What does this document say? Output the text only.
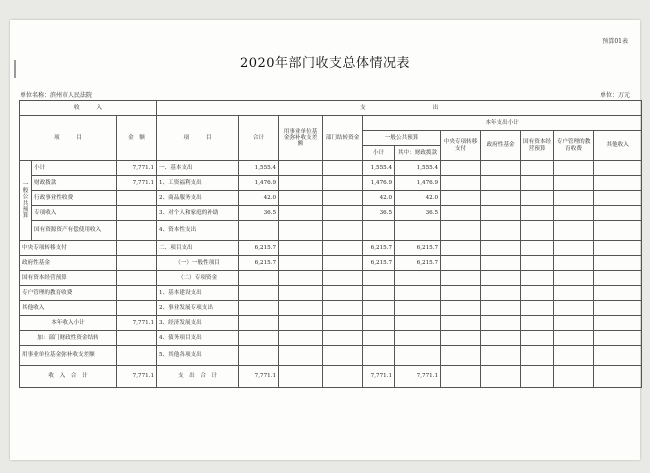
预算01表
2020年部门收支总体情况表
单位名称：滨州市人民法院	单位：万元
收　　　入			支　　　　　　　　　　　　出										
项　　　目		金　额	项　　　目	合计	用事业单位基金弥补收支差额	部门结转资金	本年支出小计						
							一般公共预算		中央专项转移支付	政府性基金	国有资本经营预算	专户管理的教育收费	其他收入
							小计	其中：财政拨款					
一般公共预算	小计	7,771.1	一、基本支出	1,555.4			1,555.4	1,555.4					
	财政拨款	7,771.1	1、工资福利支出	1,476.9			1,476.9	1,476.9					
	行政事业性收费		2、商品服务支出	42.0			42.0	42.0					
	专项收入		3、对个人和家庭的补助	36.5			36.5	36.5					
	国有资源资产有偿使用收入		4、资本性支出										
中央专项转移支付			二、项目支出	6,215.7			6,215.7	6,215.7					
政府性基金			（一）一般性项目	6,215.7			6,215.7	6,215.7					
国有资本经营预算			（二）专项资金										
专户管理的教育收费			1、基本建设支出										
其他收入			2、事业发展专项支出										
本年收入小计		7,771.1	3、经济发展支出										
加：部门财政性资金结转			4、债务项目支出										
用事业单位基金弥补收支差额			5、其他各项支出										
收　入　合　计		7,771.1	支　出　合　计	7,771.1			7,771.1	7,771.1					
